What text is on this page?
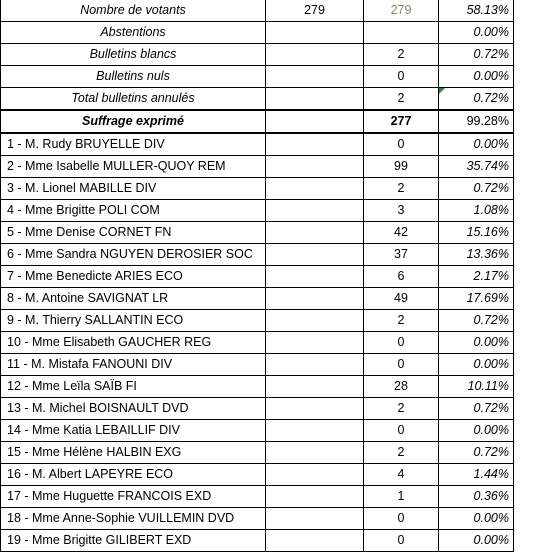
Nombre de votants	279	279	58.13%
Abstentions			0.00%
Bulletins blancs		2	0.72%
Bulletins nuls		0	0.00%
Total bulletins annulés		2	0.72%
Suffrage exprimé		277	99.28%
1 - M. Rudy BRUYELLE DIV		0	0.00%
2 - Mme Isabelle MULLER-QUOY REM		99	35.74%
3 - M. Lionel MABILLE DIV		2	0.72%
4 - Mme Brigitte POLI COM		3	1.08%
5 - Mme Denise CORNET FN		42	15.16%
6 - Mme Sandra NGUYEN DEROSIER SOC		37	13.36%
7 - Mme Benedicte ARIES ECO		6	2.17%
8 - M. Antoine SAVIGNAT LR		49	17.69%
9 - M. Thierry SALLANTIN ECO		2	0.72%
10 - Mme Elisabeth GAUCHER REG		0	0.00%
11 - M. Mistafa FANOUNI DIV		0	0.00%
12 - Mme Leïla SAÏB FI		28	10.11%
13 - M. Michel BOISNAULT DVD		2	0.72%
14 - Mme Katia LEBAILLIF DIV		0	0.00%
15 - Mme Hélène HALBIN EXG		2	0.72%
16 - M. Albert LAPEYRE ECO		4	1.44%
17 - Mme Huguette FRANCOIS EXD		1	0.36%
18 - Mme Anne-Sophie VUILLEMIN DVD		0	0.00%
19 - Mme Brigitte GILIBERT EXD		0	0.00%
